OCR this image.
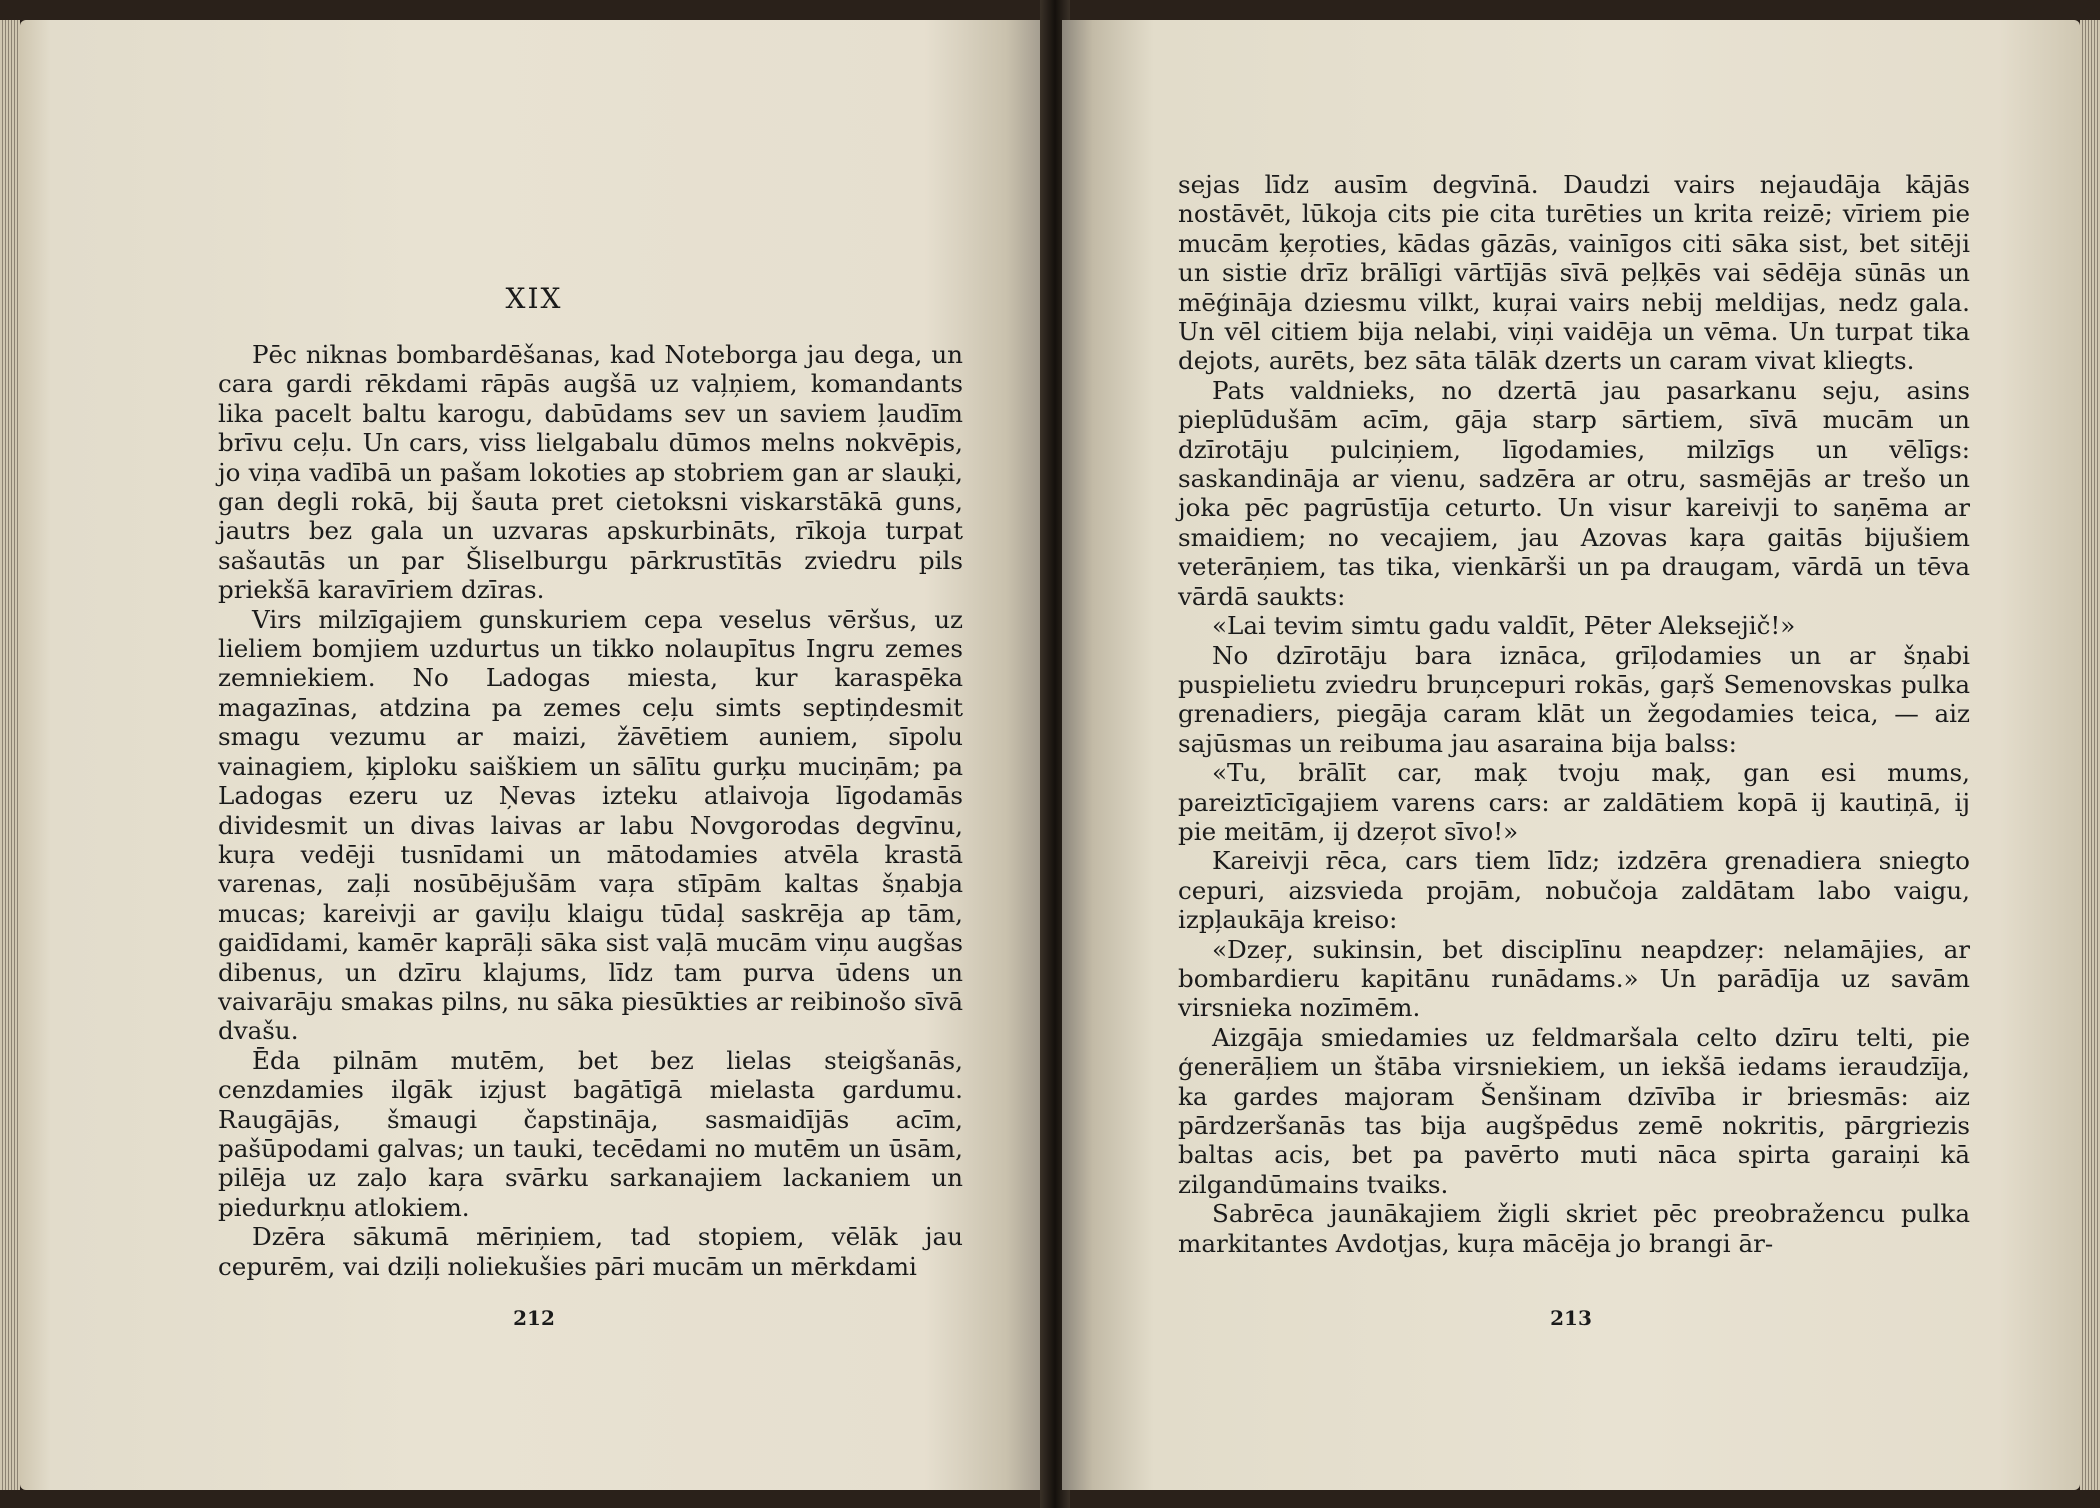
XIX

Pēc niknas bombardēšanas, kad Noteborga jau dega, un cara gardi rēkdami rāpās augšā uz vaļņiem, komandants lika pacelt baltu karogu, dabūdams sev un saviem ļaudīm brīvu ceļu. Un cars, viss lielgabalu dūmos melns nokvēpis, jo viņa vadībā un pašam lokoties ap stobriem gan ar slauķi, gan degli rokā, bij šauta pret cietoksni viskarstākā guns, jautrs bez gala un uzvaras apskurbināts, rīkoja turpat sašautās un par Šliselburgu pārkrustītās zviedru pils priekšā karavīriem dzīras.

Virs milzīgajiem gunskuriem cepa veselus vēršus, uz lieliem bomjiem uzdurtus un tikko nolaupītus Ingru zemes zemniekiem. No Ladogas miesta, kur karaspēka magazīnas, atdzina pa zemes ceļu simts septiņdesmit smagu vezumu ar maizi, žāvētiem auniem, sīpolu vainagiem, ķiploku saiškiem un sālītu gurķu muciņām; pa Ladogas ezeru uz Ņevas izteku atlaivoja līgodamās dividesmit un divas laivas ar labu Novgorodas degvīnu, kuŗa vedēji tusnīdami un mātodamies atvēla krastā varenas, zaļi nosūbējušām vaŗa stīpām kaltas šņabja mucas; kareivji ar gaviļu klaigu tūdaļ saskrēja ap tām, gaidīdami, kamēr kaprāļi sāka sist vaļā mucām viņu augšas dibenus, un dzīru klajums, līdz tam purva ūdens un vaivarāju smakas pilns, nu sāka piesūkties ar reibinošo sīvā dvašu.

Ēda pilnām mutēm, bet bez lielas steigšanās, cenzdamies ilgāk izjust bagātīgā mielasta gardumu. Raugājās, šmaugi čapstināja, sasmaidījās acīm, pašūpodami galvas; un tauki, tecēdami no mutēm un ūsām, pilēja uz zaļo kaŗa svārku sarkanajiem lackaniem un piedurkņu atlokiem.

Dzēra sākumā mēriņiem, tad stopiem, vēlāk jau cepurēm, vai dziļi noliekušies pāri mucām un mērkdami

212

sejas līdz ausīm degvīnā. Daudzi vairs nejaudāja kājās nostāvēt, lūkoja cits pie cita turēties un krita reizē; vīriem pie mucām ķeŗoties, kādas gāzās, vainīgos citi sāka sist, bet sitēji un sistie drīz brālīgi vārtījās sīvā peļķēs vai sēdēja sūnās un mēģināja dziesmu vilkt, kuŗai vairs nebij meldijas, nedz gala. Un vēl citiem bija nelabi, viņi vaidēja un vēma. Un turpat tika dejots, aurēts, bez sāta tālāk dzerts un caram vivat kliegts.

Pats valdnieks, no dzertā jau pasarkanu seju, asins pieplūdušām acīm, gāja starp sārtiem, sīvā mucām un dzīrotāju pulciņiem, līgodamies, milzīgs un vēlīgs: saskandināja ar vienu, sadzēra ar otru, sasmējās ar trešo un joka pēc pagrūstīja ceturto. Un visur kareivji to saņēma ar smaidiem; no vecajiem, jau Azovas kaŗa gaitās bijušiem veterāņiem, tas tika, vienkārši un pa draugam, vārdā un tēva vārdā saukts:

«Lai tevim simtu gadu valdīt, Pēter Aleksejič!»

No dzīrotāju bara iznāca, grīļodamies un ar šņabi puspielietu zviedru bruņcepuri rokās, gaŗš Semenovskas pulka grenadiers, piegāja caram klāt un žegodamies teica, — aiz sajūsmas un reibuma jau asaraina bija balss:

«Tu, brālīt car, maķ tvoju maķ, gan esi mums, pareiztīcīgajiem varens cars: ar zaldātiem kopā ij kautiņā, ij pie meitām, ij dzeŗot sīvo!»

Kareivji rēca, cars tiem līdz; izdzēra grenadiera sniegto cepuri, aizsvieda projām, nobučoja zaldātam labo vaigu, izpļaukāja kreiso:

«Dzeŗ, sukinsin, bet disciplīnu neapdzeŗ: nelamājies, ar bombardieru kapitānu runādams.» Un parādīja uz savām virsnieka nozīmēm.

Aizgāja smiedamies uz feldmaršala celto dzīru telti, pie ģenerāļiem un štāba virsniekiem, un iekšā iedams ieraudzīja, ka gardes majoram Šenšinam dzīvība ir briesmās: aiz pārdzeršanās tas bija augšpēdus zemē nokritis, pārgriezis baltas acis, bet pa pavērto muti nāca spirta garaiņi kā zilgandūmains tvaiks.

Sabrēca jaunākajiem žigli skriet pēc preobražencu pulka markitantes Avdotjas, kuŗa mācēja jo brangi ār-

213
